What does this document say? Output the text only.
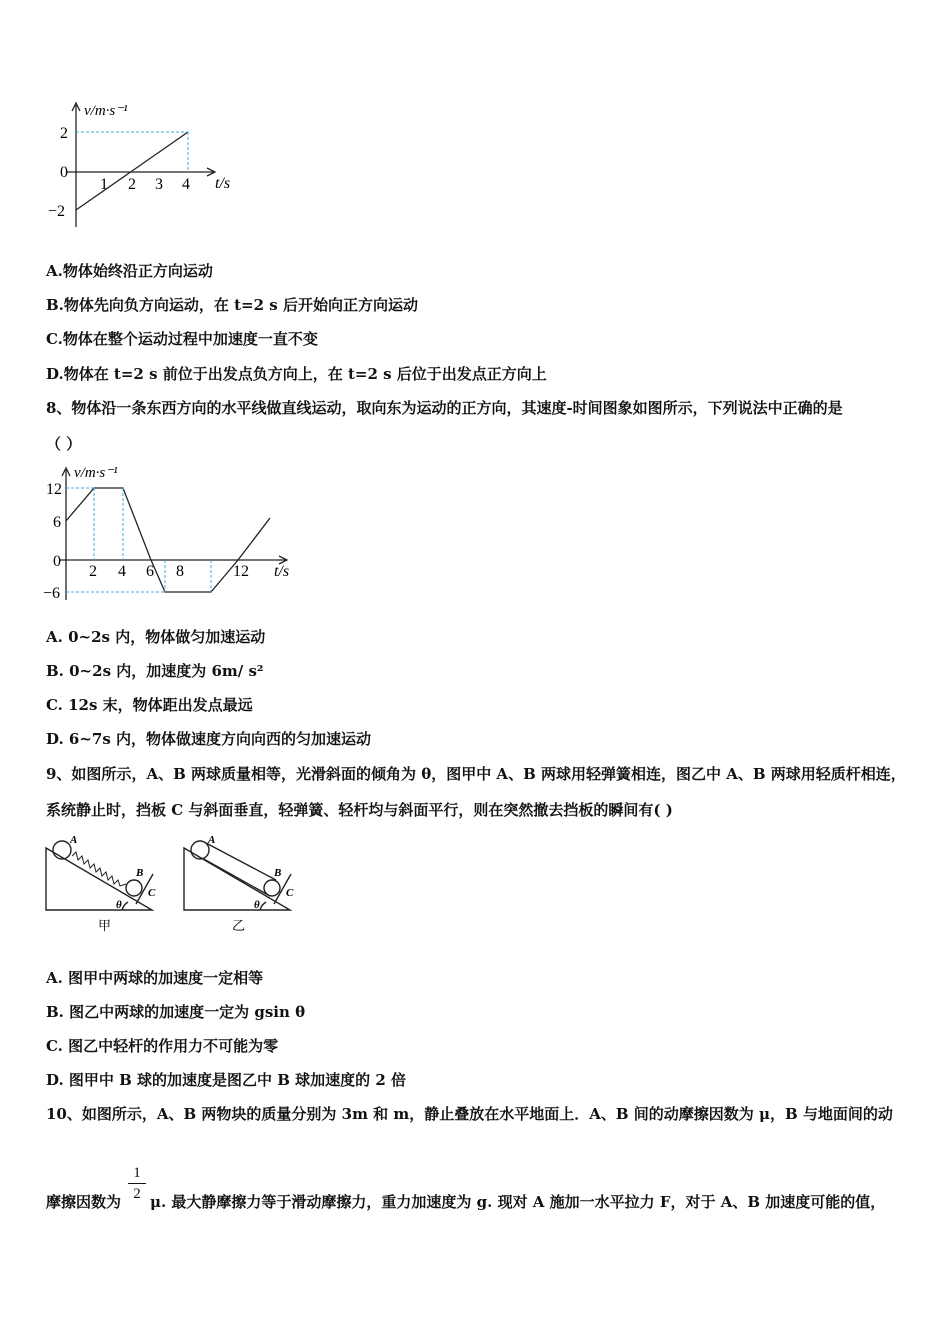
v/m·s⁻¹
t/s
2
0
−2
1 2 3 4
A.物体始终沿正方向运动
B.物体先向负方向运动，在 t=2 s 后开始向正方向运动
C.物体在整个运动过程中加速度一直不变
D.物体在 t=2 s 前位于出发点负方向上，在 t=2 s 后位于出发点正方向上
8、物体沿一条东西方向的水平线做直线运动，取向东为运动的正方向，其速度-时间图象如图所示，下列说法中正确的是
（ ）
v/m·s⁻¹
t/s
12
6
0
−6
2 4 6 8	12
A. 0~2s 内，物体做匀加速运动
B. 0~2s 内，加速度为 6m/ s²
C. 12s 末，物体距出发点最远
D. 6~7s 内，物体做速度方向向西的匀加速运动
9、如图所示，A、B 两球质量相等，光滑斜面的倾角为 θ，图甲中 A、B 两球用轻弹簧相连，图乙中 A、B 两球用轻质杆相连，
系统静止时，挡板 C 与斜面垂直，轻弹簧、轻杆均与斜面平行，则在突然撤去挡板的瞬间有( )
A
B
C
θ
甲
A
B
C
θ
乙
A. 图甲中两球的加速度一定相等
B. 图乙中两球的加速度一定为 gsin θ
C. 图乙中轻杆的作用力不可能为零
D. 图甲中 B 球的加速度是图乙中 B 球加速度的 2 倍
10、如图所示，A、B 两物块的质量分别为 3m 和 m，静止叠放在水平地面上．A、B 间的动摩擦因数为 μ，B 与地面间的动
摩擦因数为
1
2 μ. 最大静摩擦力等于滑动摩擦力，重力加速度为 g. 现对 A 施加一水平拉力 F，对于 A、B 加速度可能的值，
